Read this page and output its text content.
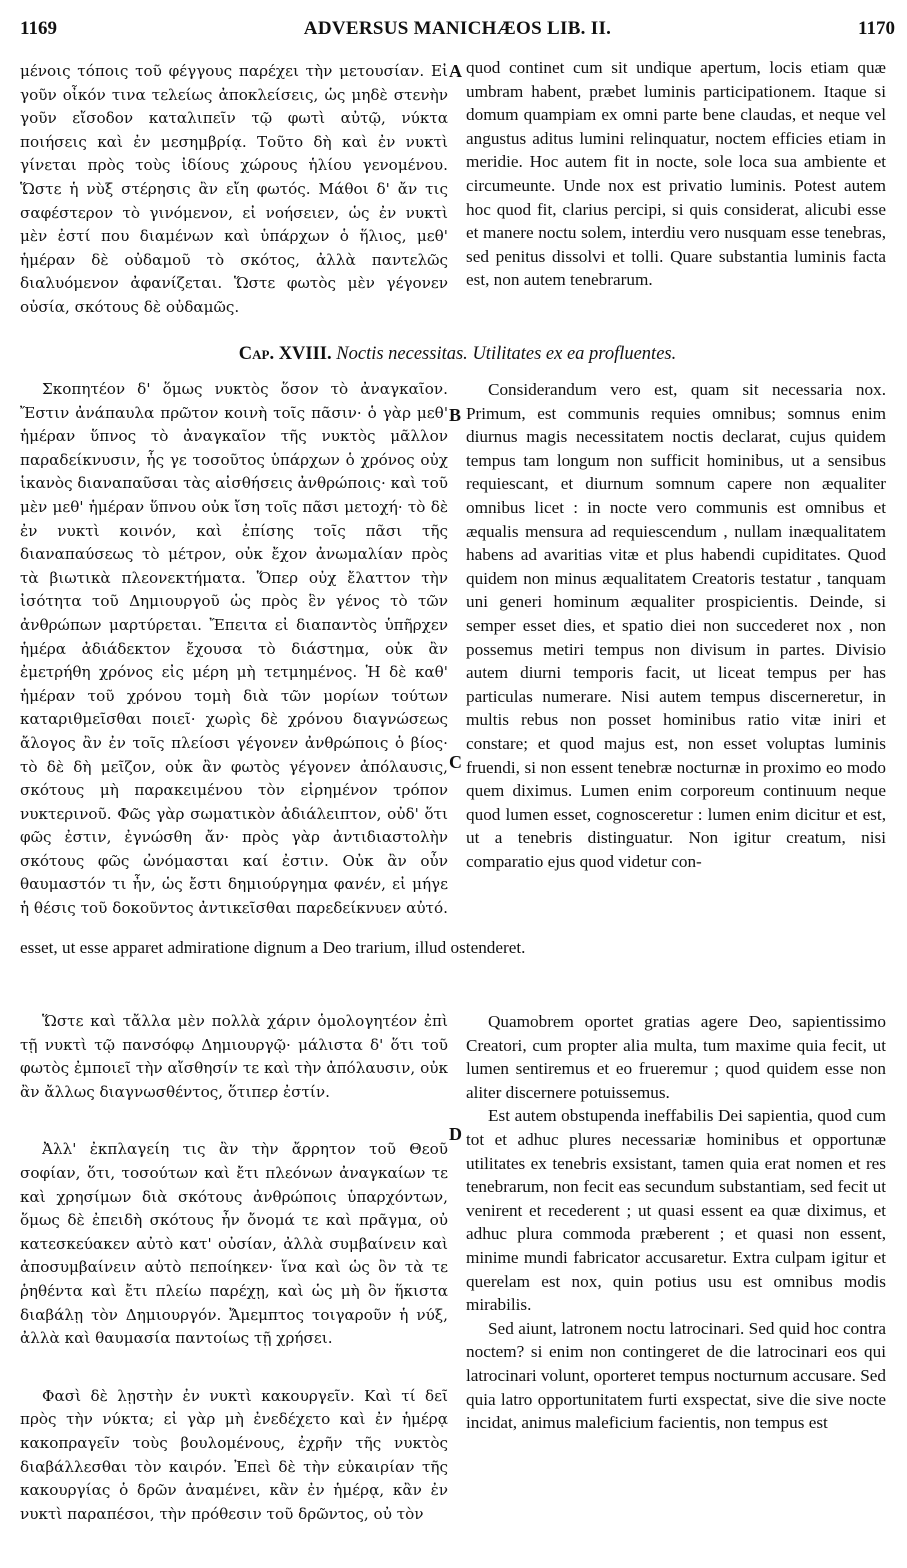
1169	ADVERSUS MANICHÆOS LIB. II.	1170
A
B
C
D

μένοις τόποις τοῦ φέγγους παρέχει τὴν μετουσίαν. Εἰ γοῦν οἶκόν τινα τελείως ἀποκλείσεις, ὡς μηδὲ στενὴν γοῦν εἴσοδον καταλιπεῖν τῷ φωτὶ αὐτῷ, νύκτα ποιήσεις καὶ ἐν μεσημβρίᾳ. Τοῦτο δὴ καὶ ἐν νυκτὶ γίνεται πρὸς τοὺς ἰδίους χώρους ἡλίου γενομένου. Ὥστε ἡ νὺξ στέρησις ἂν εἴη φωτός. Μάθοι δ' ἄν τις σαφέστερον τὸ γινόμενον, εἰ νοήσειεν, ὡς ἐν νυκτὶ μὲν ἐστί που διαμένων καὶ ὑπάρχων ὁ ἥλιος, μεθ' ἡμέραν δὲ οὐδαμοῦ τὸ σκότος, ἀλλὰ παντελῶς διαλυόμενον ἀφανίζεται. Ὥστε φωτὸς μὲν γέγονεν οὐσία, σκότους δὲ οὐδαμῶς.

quod continet cum sit undique apertum, locis etiam quæ umbram habent, præbet luminis participationem. Itaque si domum quampiam ex omni parte bene claudas, et neque vel angustus aditus lumini relinquatur, noctem efficies etiam in meridie. Hoc autem fit in nocte, sole loca sua ambiente et circumeunte. Unde nox est privatio luminis. Potest autem hoc quod fit, clarius percipi, si quis considerat, alicubi esse et manere noctu solem, interdiu vero nusquam esse tenebras, sed penitus dissolvi et tolli. Quare substantia luminis facta est, non autem tenebrarum.

Cap. XVIII. Noctis necessitas. Utilitates ex ea profluentes.

Σκοπητέον δ' ὅμως νυκτὸς ὅσον τὸ ἀναγκαῖον. Ἔστιν ἀνάπαυλα πρῶτον κοινὴ τοῖς πᾶσιν· ὁ γὰρ μεθ' ἡμέραν ὕπνος τὸ ἀναγκαῖον τῆς νυκτὸς μᾶλλον παραδείκνυσιν, ἧς γε τοσοῦτος ὑπάρχων ὁ χρόνος οὐχ ἱκανὸς διαναπαῦσαι τὰς αἰσθήσεις ἀνθρώποις· καὶ τοῦ μὲν μεθ' ἡμέραν ὕπνου οὐκ ἴση τοῖς πᾶσι μετοχή· τὸ δὲ ἐν νυκτὶ κοινόν, καὶ ἐπίσης τοῖς πᾶσι τῆς διαναπαύσεως τὸ μέτρον, οὐκ ἔχον ἀνωμαλίαν πρὸς τὰ βιωτικὰ πλεονεκτήματα. Ὅπερ οὐχ ἔλαττον τὴν ἰσότητα τοῦ Δημιουργοῦ ὡς πρὸς ἓν γένος τὸ τῶν ἀνθρώπων μαρτύρεται. Ἔπειτα εἰ διαπαντὸς ὑπῆρχεν ἡμέρα ἀδιάδεκτον ἔχουσα τὸ διάστημα, οὐκ ἂν ἐμετρήθη χρόνος εἰς μέρη μὴ τετμημένος. Ἡ δὲ καθ' ἡμέραν τοῦ χρόνου τομὴ διὰ τῶν μορίων τούτων καταριθμεῖσθαι ποιεῖ· χωρὶς δὲ χρόνου διαγνώσεως ἄλογος ἂν ἐν τοῖς πλείοσι γέγονεν ἀνθρώποις ὁ βίος· τὸ δὲ δὴ μεῖζον, οὐκ ἂν φωτὸς γέγονεν ἀπόλαυσις, σκότους μὴ παρακειμένου τὸν εἰρημένον τρόπον νυκτερινοῦ. Φῶς γὰρ σωματικὸν ἀδιάλειπτον, οὐδ' ὅτι φῶς ἐστιν, ἐγνώσθη ἄν· πρὸς γὰρ ἀντιδιαστολὴν σκότους φῶς ὠνόμασται καί ἐστιν. Οὐκ ἂν οὖν θαυμαστόν τι ἦν, ὡς ἔστι δημιούργημα φανέν, εἰ μήγε ἡ θέσις τοῦ δοκοῦντος ἀντικεῖσθαι παρεδείκνυεν αὐτό.

Considerandum vero est, quam sit necessaria nox. Primum, est communis requies omnibus; somnus enim diurnus magis necessitatem noctis declarat, cujus quidem tempus tam longum non sufficit hominibus, ut a sensibus requiescant, et diurnum somnum capere non æqualiter omnibus licet : in nocte vero communis est omnibus et æqualis mensura ad requiescendum , nullam inæqualitatem habens ad avaritias vitæ et plus habendi cupiditates. Quod quidem non minus æqualitatem Creatoris testatur , tanquam uni generi hominum æqualiter prospicientis. Deinde, si semper esset dies, et spatio diei non succederet nox , non possemus metiri tempus non divisum in partes. Divisio autem diurni temporis facit, ut liceat tempus per has particulas numerare. Nisi autem tempus discerneretur, in multis rebus non posset hominibus ratio vitæ iniri et constare; et quod majus est, non esset voluptas luminis fruendi, si non essent tenebræ nocturnæ in proximo eo modo quem diximus. Lumen enim corporeum continuum neque quod lumen esset, cognosceretur : lumen enim dicitur et est, ut a tenebris distinguatur. Non igitur creatum, nisi comparatio ejus quod videtur con-

esset, ut esse apparet admiratione dignum a Deo trarium, illud ostenderet.

Ὥστε καὶ τἄλλα μὲν πολλὰ χάριν ὁμολογητέον ἐπὶ τῇ νυκτὶ τῷ πανσόφῳ Δημιουργῷ· μάλιστα δ' ὅτι τοῦ φωτὸς ἐμποιεῖ τὴν αἴσθησίν τε καὶ τὴν ἀπόλαυσιν, οὐκ ἂν ἄλλως διαγνωσθέντος, ὅτιπερ ἐστίν.

Ἀλλ' ἐκπλαγείη τις ἂν τὴν ἄρρητον τοῦ Θεοῦ σοφίαν, ὅτι, τοσούτων καὶ ἔτι πλεόνων ἀναγκαίων τε καὶ χρησίμων διὰ σκότους ἀνθρώποις ὑπαρχόντων, ὅμως δὲ ἐπειδὴ σκότους ἦν ὄνομά τε καὶ πρᾶγμα, οὐ κατεσκεύακεν αὐτὸ κατ' οὐσίαν, ἀλλὰ συμβαίνειν καὶ ἀποσυμβαίνειν αὐτὸ πεποίηκεν· ἵνα καὶ ὡς ὂν τὰ τε ῥηθέντα καὶ ἔτι πλείω παρέχῃ, καὶ ὡς μὴ ὂν ἥκιστα διαβάλῃ τὸν Δημιουργόν. Ἄμεμπτος τοιγαροῦν ἡ νύξ, ἀλλὰ καὶ θαυμασία παντοίως τῇ χρήσει.

Φασὶ δὲ λῃστὴν ἐν νυκτὶ κακουργεῖν. Καὶ τί δεῖ πρὸς τὴν νύκτα; εἰ γὰρ μὴ ἐνεδέχετο καὶ ἐν ἡμέρᾳ κακοπραγεῖν τοὺς βουλομένους, ἐχρῆν τῆς νυκτὸς διαβάλλεσθαι τὸν καιρόν. Ἐπεὶ δὲ τὴν εὐκαιρίαν τῆς κακουργίας ὁ δρῶν ἀναμένει, κἂν ἐν ἡμέρᾳ, κἂν ἐν νυκτὶ παραπέσοι, τὴν πρόθεσιν τοῦ δρῶντος, οὐ τὸν

Quamobrem oportet gratias agere Deo, sapientissimo Creatori, cum propter alia multa, tum maxime quia fecit, ut lumen sentiremus et eo frueremur ; quod quidem esse non aliter discernere potuissemus.

Est autem obstupenda ineffabilis Dei sapientia, quod cum tot et adhuc plures necessariæ hominibus et opportunæ utilitates ex tenebris exsistant, tamen quia erat nomen et res tenebrarum, non fecit eas secundum substantiam, sed fecit ut venirent et recederent ; ut quasi essent ea quæ diximus, et adhuc plura commoda præberent ; et quasi non essent, minime mundi fabricator accusaretur. Extra culpam igitur et querelam est nox, quin potius usu est omnibus modis mirabilis.

Sed aiunt, latronem noctu latrocinari. Sed quid hoc contra noctem? si enim non contingeret de die latrocinari eos qui latrocinari volunt, oporteret tempus nocturnum accusare. Sed quia latro opportunitatem furti exspectat, sive die sive nocte incidat, animus maleficium facientis, non tempus est
